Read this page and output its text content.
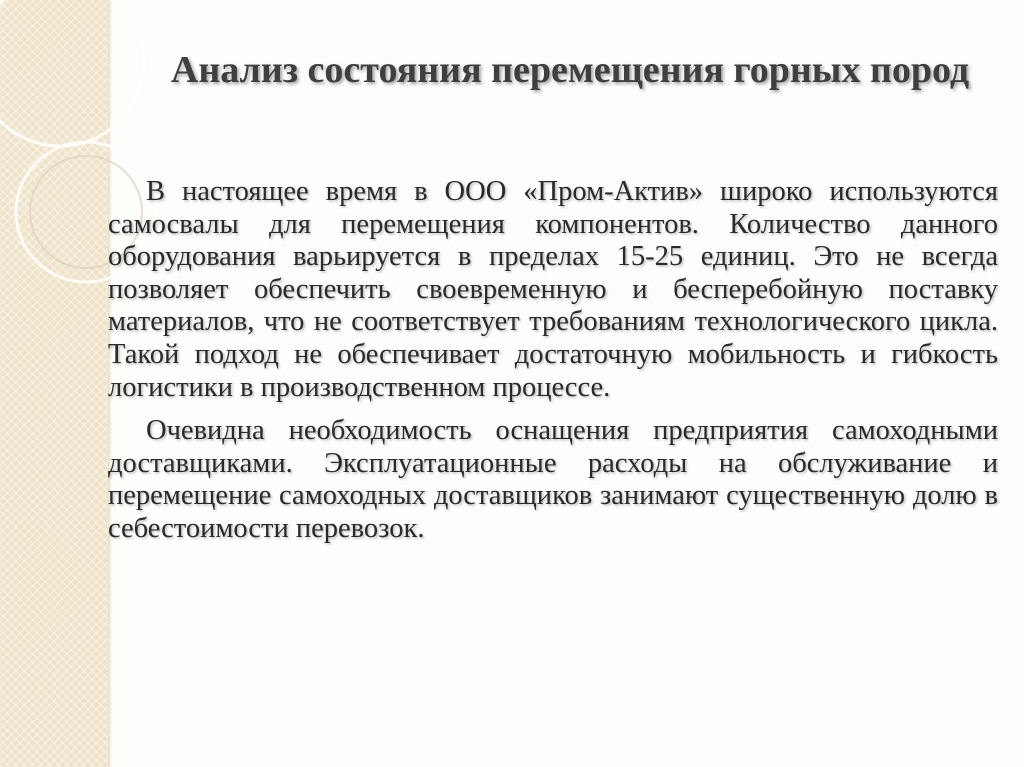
Анализ состояния перемещения горных пород

В настоящее время в ООО «Пром-Актив» широко используются самосвалы для перемещения компонентов. Количество данного оборудования варьируется в пределах 15-25 единиц. Это не всегда позволяет обеспечить своевременную и бесперебойную поставку материалов, что не соответствует требованиям технологического цикла. Такой подход не обеспечивает достаточную мобильность и гибкость логистики в производственном процессе.

Очевидна необходимость оснащения предприятия самоходными доставщиками. Эксплуатационные расходы на обслуживание и перемещение самоходных доставщиков занимают существенную долю в себестоимости перевозок.
